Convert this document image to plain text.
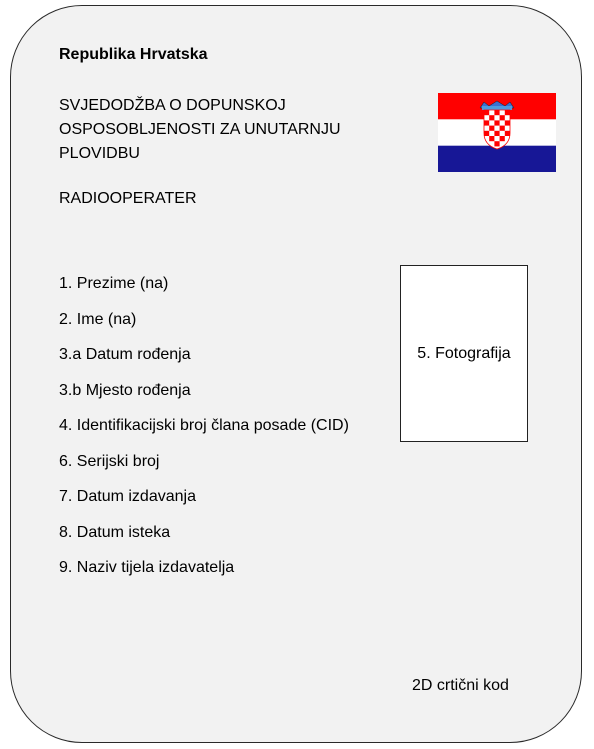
Republika Hrvatska
SVJEDODŽBA O DOPUNSKOJ OSPOSOBLJENOSTI ZA UNUTARNJU PLOVIDBU
RADIOOPERATER
1. Prezime (na)
2. Ime (na)
3.a Datum rođenja
3.b Mjesto rođenja
4. Identifikacijski broj člana posade (CID)
6. Serijski broj
7. Datum izdavanja
8. Datum isteka
9. Naziv tijela izdavatelja
5. Fotografija
2D crtični kod
